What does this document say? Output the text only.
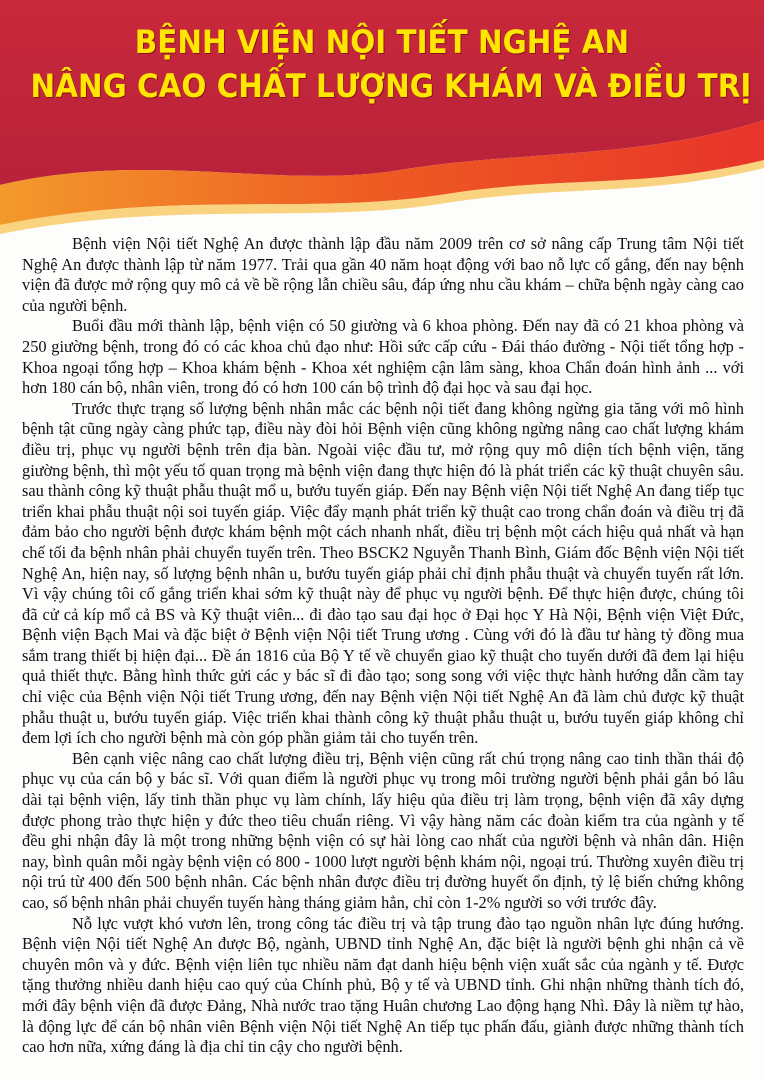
BỆNH VIỆN NỘI TIẾT NGHỆ AN
NÂNG CAO CHẤT LƯỢNG KHÁM VÀ ĐIỀU TRỊ

Bệnh viện Nội tiết Nghệ An được thành lập đầu năm 2009 trên cơ sở nâng cấp Trung tâm Nội tiết Nghệ An được thành lập từ năm 1977. Trải qua gần 40 năm hoạt động với bao nỗ lực cố gắng, đến nay bệnh viện đã được mở rộng quy mô cả về bề rộng lẫn chiều sâu, đáp ứng nhu cầu khám – chữa bệnh ngày càng cao của người bệnh.

Buổi đầu mới thành lập, bệnh viện có 50 giường và 6 khoa phòng. Đến nay đã có 21 khoa phòng và 250 giường bệnh, trong đó có các khoa chủ đạo như: Hồi sức cấp cứu - Đái tháo đường - Nội tiết tổng hợp - Khoa ngoại tổng hợp – Khoa khám bệnh - Khoa xét nghiệm cận lâm sàng, khoa Chẩn đoán hình ảnh ... với hơn 180 cán bộ, nhân viên, trong đó có hơn 100 cán bộ trình độ đại học và sau đại học.

Trước thực trạng số lượng bệnh nhân mắc các bệnh nội tiết đang không ngừng gia tăng với mô hình bệnh tật cũng ngày càng phức tạp, điều này đòi hỏi Bệnh viện cũng không ngừng nâng cao chất lượng khám điều trị, phục vụ người bệnh trên địa bàn. Ngoài việc đầu tư, mở rộng quy mô diện tích bệnh viện, tăng giường bệnh, thì một yếu tố quan trọng mà bệnh viện đang thực hiện đó là phát triển các kỹ thuật chuyên sâu. sau thành công kỹ thuật phẫu thuật mổ u, bướu tuyến giáp. Đến nay Bệnh viện Nội tiết Nghệ An đang tiếp tục triển khai phẫu thuật nội soi tuyến giáp. Việc đẩy mạnh phát triển kỹ thuật cao trong chẩn đoán và điều trị đã đảm bảo cho người bệnh được khám bệnh một cách nhanh nhất, điều trị bệnh một cách hiệu quả nhất và hạn chế tối đa bệnh nhân phải chuyển tuyến trên. Theo BSCK2 Nguyễn Thanh Bình, Giám đốc Bệnh viện Nội tiết Nghệ An, hiện nay, số lượng bệnh nhân u, bướu tuyến giáp phải chỉ định phẫu thuật và chuyển tuyến rất lớn. Vì vậy chúng tôi cố gắng triển khai sớm kỹ thuật này để phục vụ người bệnh. Để thực hiện được, chúng tôi đã cử cả kíp mổ cả BS và Kỹ thuật viên... đi đào tạo sau đại học ở Đại học Y Hà Nội, Bệnh viện Việt Đức, Bệnh viện Bạch Mai và đặc biệt ở Bệnh viện Nội tiết Trung ương . Cùng với đó là đầu tư hàng tỷ đồng mua sắm trang thiết bị hiện đại... Đề án 1816 của Bộ Y tế về chuyển giao kỹ thuật cho tuyến dưới đã đem lại hiệu quả thiết thực. Bằng hình thức gửi các y bác sĩ đi đào tạo; song song với việc thực hành hướng dẫn cầm tay chỉ việc của Bệnh viện Nội tiết Trung ương, đến nay Bệnh viện Nội tiết Nghệ An đã làm chủ được kỹ thuật phẫu thuật u, bướu tuyến giáp. Việc triển khai thành công kỹ thuật phẫu thuật u, bướu tuyến giáp không chỉ đem lợi ích cho người bệnh mà còn góp phần giảm tải cho tuyến trên.

Bên cạnh việc nâng cao chất lượng điều trị, Bệnh viện cũng rất chú trọng nâng cao tinh thần thái độ phục vụ của cán bộ y bác sĩ. Với quan điểm là người phục vụ trong môi trường người bệnh phải gắn bó lâu dài tại bệnh viện, lấy tinh thần phục vụ làm chính, lấy hiệu qủa điều trị làm trọng, bệnh viện đã xây dựng được phong trào thực hiện y đức theo tiêu chuẩn riêng. Vì vậy hàng năm các đoàn kiểm tra của ngành y tế đều ghi nhận đây là một trong những bệnh viện có sự hài lòng cao nhất của người bệnh và nhân dân. Hiện nay, bình quân mỗi ngày bệnh viện có 800 - 1000 lượt người bệnh khám nội, ngoại trú. Thường xuyên điều trị nội trú từ 400 đến 500 bệnh nhân. Các bệnh nhân được điều trị đường huyết ổn định, tỷ lệ biến chứng không cao, số bệnh nhân phải chuyển tuyến hàng tháng giảm hẳn, chỉ còn 1-2% người so với trước đây.

Nỗ lực vượt khó vươn lên, trong công tác điều trị và tập trung đào tạo nguồn nhân lực đúng hướng. Bệnh viện Nội tiết Nghệ An được Bộ, ngành, UBND tỉnh Nghệ An, đặc biệt là người bệnh ghi nhận cả về chuyên môn và y đức. Bệnh viện liên tục nhiều năm đạt danh hiệu bệnh viện xuất sắc của ngành y tế. Được tặng thưởng nhiều danh hiệu cao quý của Chính phủ, Bộ y tế và UBND tỉnh. Ghi nhận những thành tích đó, mới đây bệnh viện đã được Đảng, Nhà nước trao tặng Huân chương Lao động hạng Nhì. Đây là niềm tự hào, là động lực để cán bộ nhân viên Bệnh viện Nội tiết Nghệ An tiếp tục phấn đấu, giành được những thành tích cao hơn nữa, xứng đáng là địa chỉ tin cậy cho người bệnh.
